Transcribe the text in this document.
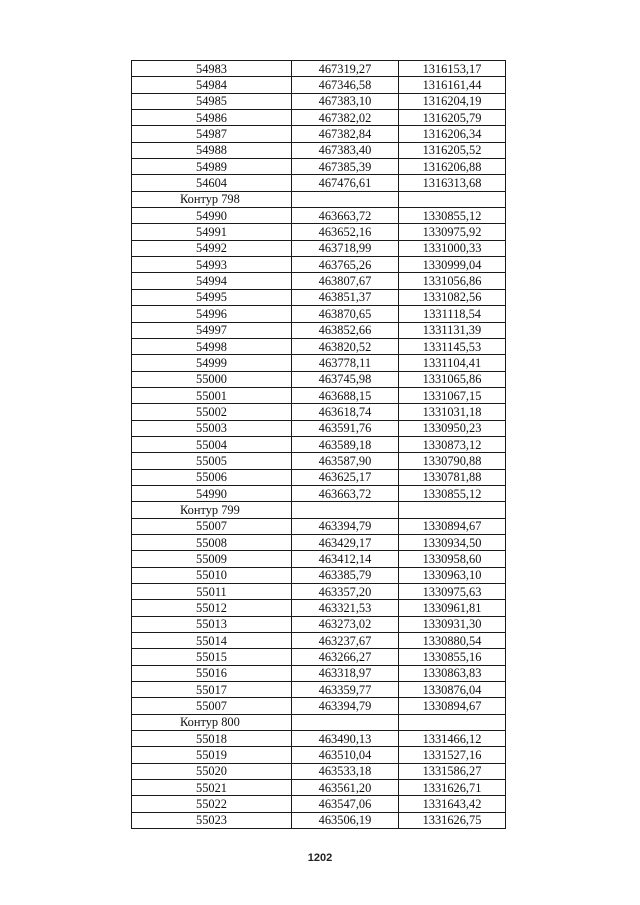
54983	467319,27	1316153,17
54984	467346,58	1316161,44
54985	467383,10	1316204,19
54986	467382,02	1316205,79
54987	467382,84	1316206,34
54988	467383,40	1316205,52
54989	467385,39	1316206,88
54604	467476,61	1316313,68
Контур 798		
54990	463663,72	1330855,12
54991	463652,16	1330975,92
54992	463718,99	1331000,33
54993	463765,26	1330999,04
54994	463807,67	1331056,86
54995	463851,37	1331082,56
54996	463870,65	1331118,54
54997	463852,66	1331131,39
54998	463820,52	1331145,53
54999	463778,11	1331104,41
55000	463745,98	1331065,86
55001	463688,15	1331067,15
55002	463618,74	1331031,18
55003	463591,76	1330950,23
55004	463589,18	1330873,12
55005	463587,90	1330790,88
55006	463625,17	1330781,88
54990	463663,72	1330855,12
Контур 799		
55007	463394,79	1330894,67
55008	463429,17	1330934,50
55009	463412,14	1330958,60
55010	463385,79	1330963,10
55011	463357,20	1330975,63
55012	463321,53	1330961,81
55013	463273,02	1330931,30
55014	463237,67	1330880,54
55015	463266,27	1330855,16
55016	463318,97	1330863,83
55017	463359,77	1330876,04
55007	463394,79	1330894,67
Контур 800		
55018	463490,13	1331466,12
55019	463510,04	1331527,16
55020	463533,18	1331586,27
55021	463561,20	1331626,71
55022	463547,06	1331643,42
55023	463506,19	1331626,75
1202
